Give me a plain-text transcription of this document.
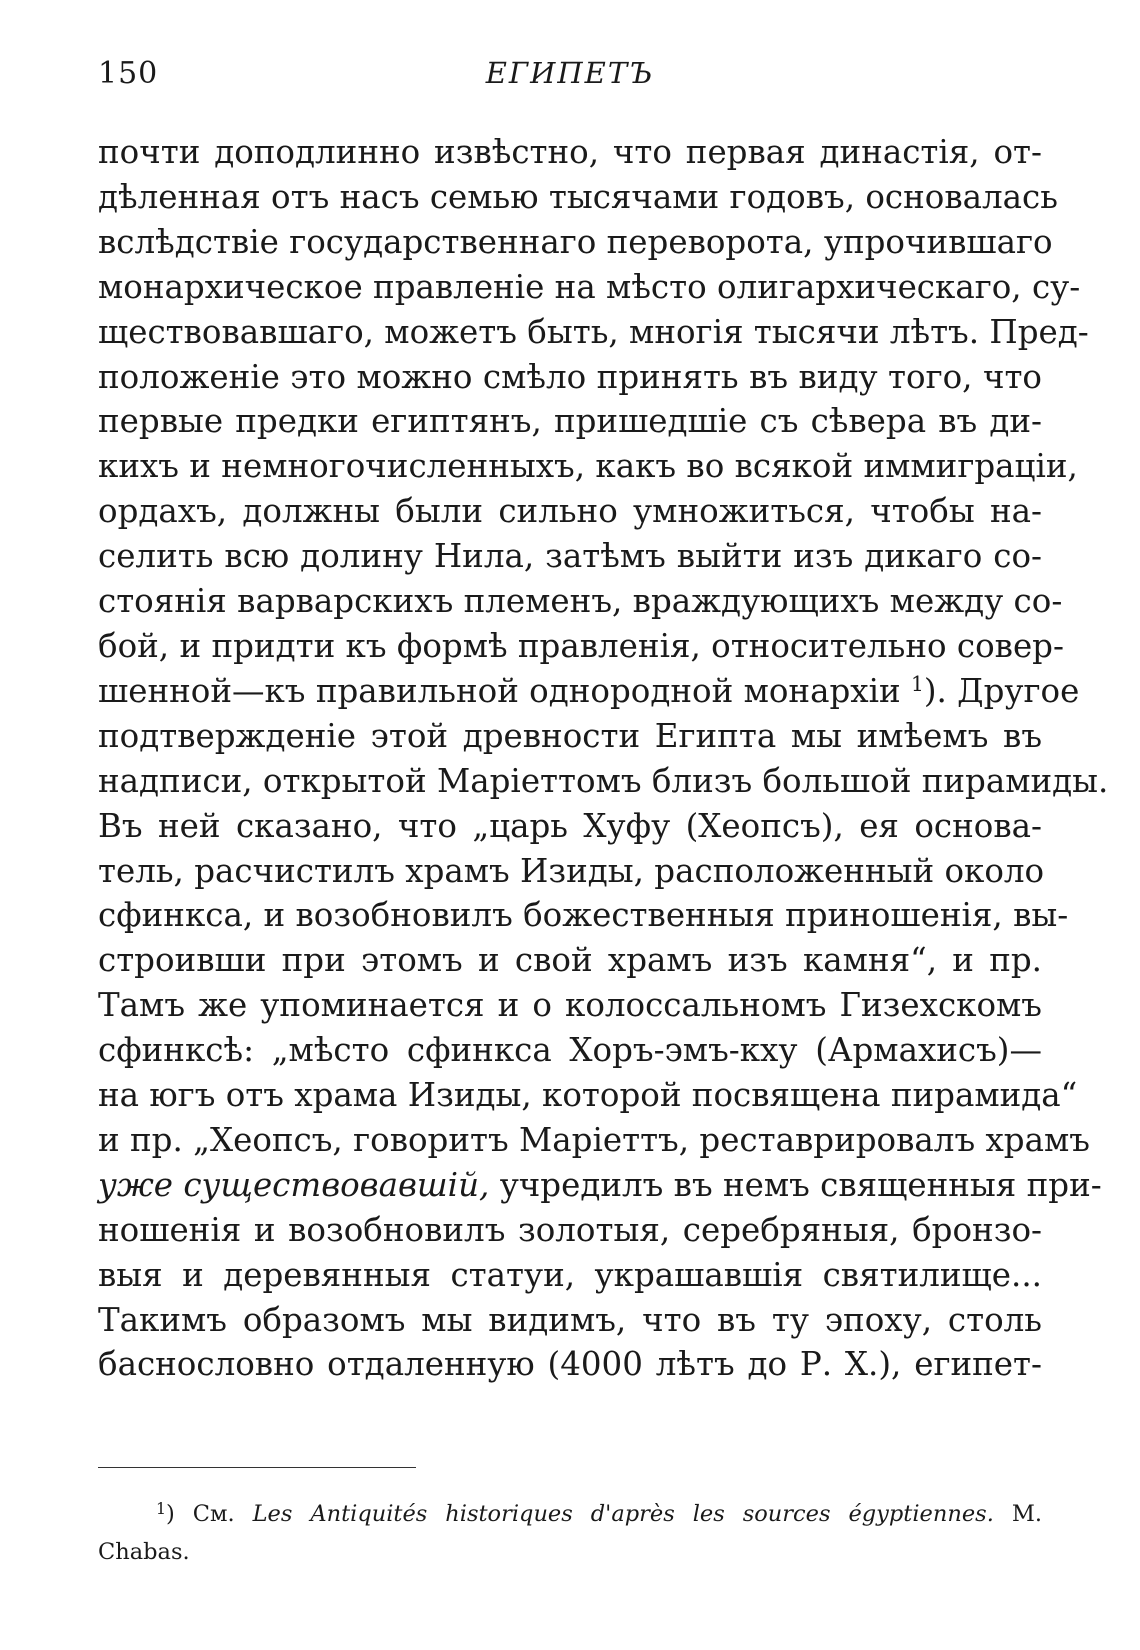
150	ЕГИПЕТЪ
почти доподлинно извѣстно, что первая династія, от-
дѣленная отъ насъ семью тысячами годовъ, основалась
вслѣдствіе государственнаго переворота, упрочившаго
монархическое правленіе на мѣсто олигархическаго, су-
ществовавшаго, можетъ быть, многія тысячи лѣтъ. Пред-
положеніе это можно смѣло принять въ виду того, что
первые предки египтянъ, пришедшіе съ сѣвера въ ди-
кихъ и немногочисленныхъ, какъ во всякой иммиграціи,
ордахъ, должны были сильно умножиться, чтобы на-
селить всю долину Нила, затѣмъ выйти изъ дикаго со-
стоянія варварскихъ племенъ, враждующихъ между со-
бой, и придти къ формѣ правленія, относительно совер-
шенной—къ правильной однородной монархіи $^1$). Другое
подтвержденіе этой древности Египта мы имѣемъ въ
надписи, открытой Маріеттомъ близъ большой пирамиды.
Въ ней сказано, что „царь Хуфу (Хеопсъ), ея основа-
тель, расчистилъ храмъ Изиды, расположенный около
сфинкса, и возобновилъ божественныя приношенія, вы-
строивши при этомъ и свой храмъ изъ камня“, и пр.
Тамъ же упоминается и о колоссальномъ Гизехскомъ
сфинксѣ: „мѣсто сфинкса Хоръ-эмъ-кху (Армахисъ)—
на югъ отъ храма Изиды, которой посвящена пирамида“
и пр. „Хеопсъ, говоритъ Маріеттъ, реставрировалъ храмъ
уже существовавшій, учредилъ въ немъ священныя при-
ношенія и возобновилъ золотыя, серебряныя, бронзо-
выя и деревянныя статуи, украшавшія святилище...
Такимъ образомъ мы видимъ, что въ ту эпоху, столь
баснословно отдаленную (4000 лѣтъ до Р. Х.), египет-
$^1$) См. Les Antiquités historiques d'après les sources égyptiennes. M.
Chabas.
